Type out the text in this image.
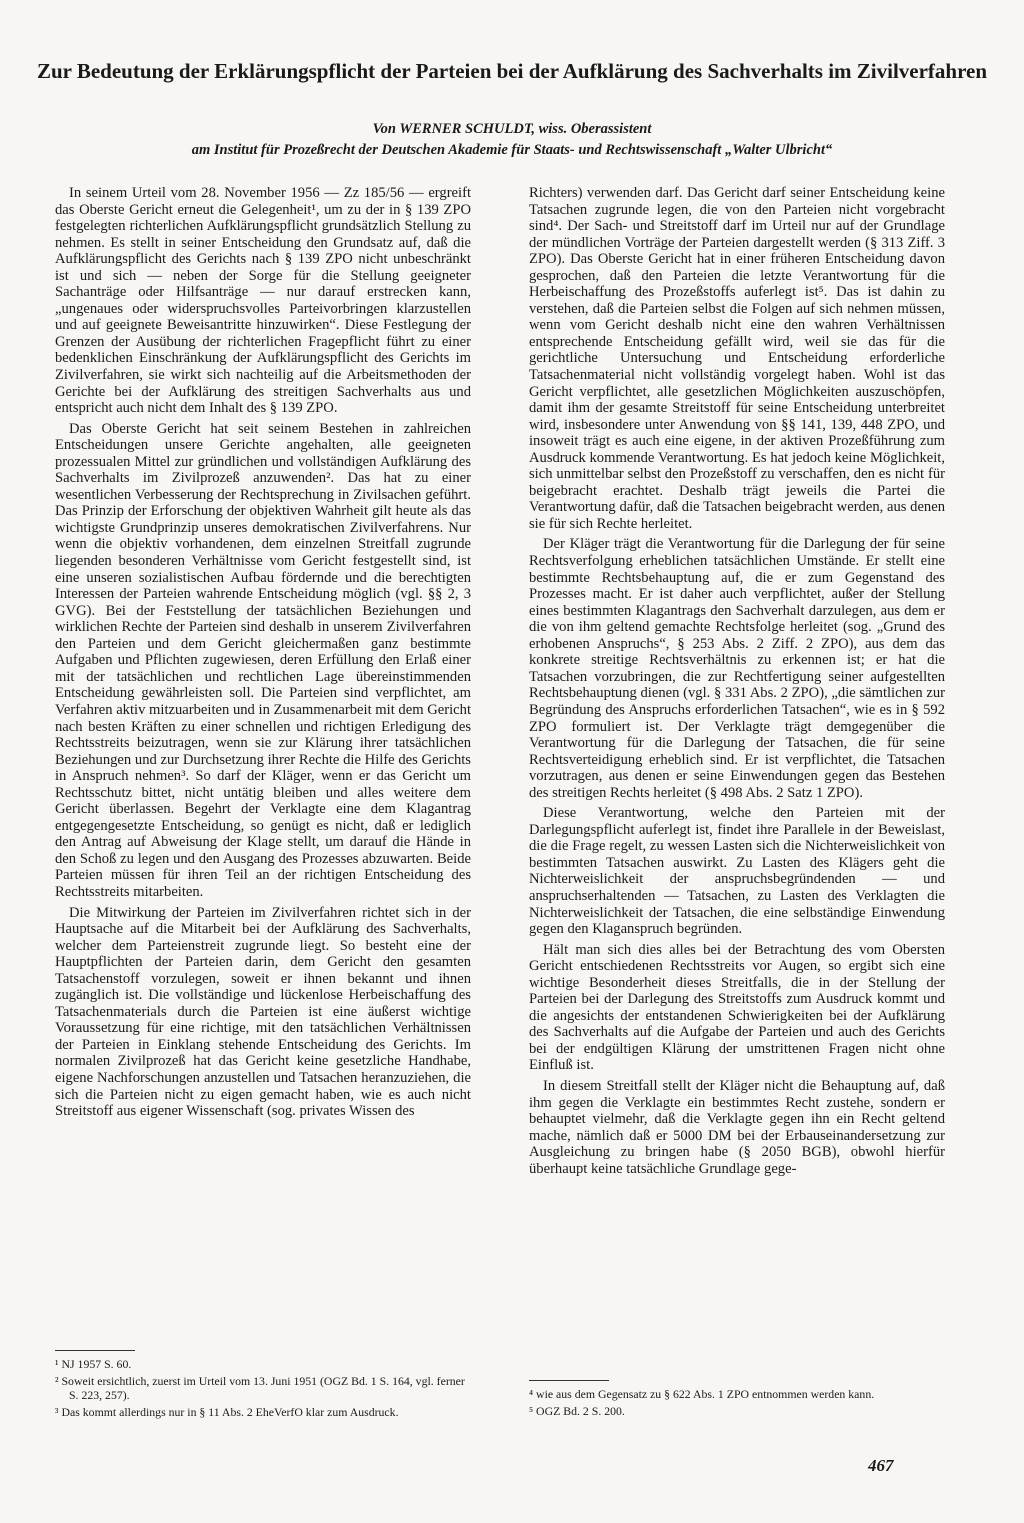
Zur Bedeutung der Erklärungspflicht der Parteien bei der Aufklärung des Sachverhalts im Zivilverfahren

Von WERNER SCHULDT, wiss. Oberassistent

am Institut für Prozeßrecht der Deutschen Akademie für Staats- und Rechtswissenschaft „Walter Ulbricht“

In seinem Urteil vom 28. November 1956 — Zz 185/56 — ergreift das Oberste Gericht erneut die Gelegenheit¹, um zu der in § 139 ZPO festgelegten richterlichen Aufklärungspflicht grundsätzlich Stellung zu nehmen. Es stellt in seiner Entscheidung den Grundsatz auf, daß die Aufklärungspflicht des Gerichts nach § 139 ZPO nicht unbeschränkt ist und sich — neben der Sorge für die Stellung geeigneter Sachanträge oder Hilfsanträge — nur darauf erstrecken kann, „ungenaues oder widerspruchsvolles Parteivorbringen klarzustellen und auf geeignete Beweisantritte hinzuwirken“. Diese Festlegung der Grenzen der Ausübung der richterlichen Fragepflicht führt zu einer bedenklichen Einschränkung der Aufklärungspflicht des Gerichts im Zivilverfahren, sie wirkt sich nachteilig auf die Arbeitsmethoden der Gerichte bei der Aufklärung des streitigen Sachverhalts aus und entspricht auch nicht dem Inhalt des § 139 ZPO.

Das Oberste Gericht hat seit seinem Bestehen in zahlreichen Entscheidungen unsere Gerichte angehalten, alle geeigneten prozessualen Mittel zur gründlichen und vollständigen Aufklärung des Sachverhalts im Zivilprozeß anzuwenden². Das hat zu einer wesentlichen Verbesserung der Rechtsprechung in Zivilsachen geführt. Das Prinzip der Erforschung der objektiven Wahrheit gilt heute als das wichtigste Grundprinzip unseres demokratischen Zivilverfahrens. Nur wenn die objektiv vorhandenen, dem einzelnen Streitfall zugrunde liegenden besonderen Verhältnisse vom Gericht festgestellt sind, ist eine unseren sozialistischen Aufbau fördernde und die berechtigten Interessen der Parteien wahrende Entscheidung möglich (vgl. §§ 2, 3 GVG). Bei der Feststellung der tatsächlichen Beziehungen und wirklichen Rechte der Parteien sind deshalb in unserem Zivilverfahren den Parteien und dem Gericht gleichermaßen ganz bestimmte Aufgaben und Pflichten zugewiesen, deren Erfüllung den Erlaß einer mit der tatsächlichen und rechtlichen Lage übereinstimmenden Entscheidung gewährleisten soll. Die Parteien sind verpflichtet, am Verfahren aktiv mitzuarbeiten und in Zusammenarbeit mit dem Gericht nach besten Kräften zu einer schnellen und richtigen Erledigung des Rechtsstreits beizutragen, wenn sie zur Klärung ihrer tatsächlichen Beziehungen und zur Durchsetzung ihrer Rechte die Hilfe des Gerichts in Anspruch nehmen³. So darf der Kläger, wenn er das Gericht um Rechtsschutz bittet, nicht untätig bleiben und alles weitere dem Gericht überlassen. Begehrt der Verklagte eine dem Klagantrag entgegengesetzte Entscheidung, so genügt es nicht, daß er lediglich den Antrag auf Abweisung der Klage stellt, um darauf die Hände in den Schoß zu legen und den Ausgang des Prozesses abzuwarten. Beide Parteien müssen für ihren Teil an der richtigen Entscheidung des Rechtsstreits mitarbeiten.

Die Mitwirkung der Parteien im Zivilverfahren richtet sich in der Hauptsache auf die Mitarbeit bei der Aufklärung des Sachverhalts, welcher dem Parteienstreit zugrunde liegt. So besteht eine der Hauptpflichten der Parteien darin, dem Gericht den gesamten Tatsachenstoff vorzulegen, soweit er ihnen bekannt und ihnen zugänglich ist. Die vollständige und lückenlose Herbeischaffung des Tatsachenmaterials durch die Parteien ist eine äußerst wichtige Voraussetzung für eine richtige, mit den tatsächlichen Verhältnissen der Parteien in Einklang stehende Entscheidung des Gerichts. Im normalen Zivilprozeß hat das Gericht keine gesetzliche Handhabe, eigene Nachforschungen anzustellen und Tatsachen heranzuziehen, die sich die Parteien nicht zu eigen gemacht haben, wie es auch nicht Streitstoff aus eigener Wissenschaft (sog. privates Wissen des

Richters) verwenden darf. Das Gericht darf seiner Entscheidung keine Tatsachen zugrunde legen, die von den Parteien nicht vorgebracht sind⁴. Der Sach- und Streitstoff darf im Urteil nur auf der Grundlage der mündlichen Vorträge der Parteien dargestellt werden (§ 313 Ziff. 3 ZPO). Das Oberste Gericht hat in einer früheren Entscheidung davon gesprochen, daß den Parteien die letzte Verantwortung für die Herbeischaffung des Prozeßstoffs auferlegt ist⁵. Das ist dahin zu verstehen, daß die Parteien selbst die Folgen auf sich nehmen müssen, wenn vom Gericht deshalb nicht eine den wahren Verhältnissen entsprechende Entscheidung gefällt wird, weil sie das für die gerichtliche Untersuchung und Entscheidung erforderliche Tatsachenmaterial nicht vollständig vorgelegt haben. Wohl ist das Gericht verpflichtet, alle gesetzlichen Möglichkeiten auszuschöpfen, damit ihm der gesamte Streitstoff für seine Entscheidung unterbreitet wird, insbesondere unter Anwendung von §§ 141, 139, 448 ZPO, und insoweit trägt es auch eine eigene, in der aktiven Prozeßführung zum Ausdruck kommende Verantwortung. Es hat jedoch keine Möglichkeit, sich unmittelbar selbst den Prozeßstoff zu verschaffen, den es nicht für beigebracht erachtet. Deshalb trägt jeweils die Partei die Verantwortung dafür, daß die Tatsachen beigebracht werden, aus denen sie für sich Rechte herleitet.

Der Kläger trägt die Verantwortung für die Darlegung der für seine Rechtsverfolgung erheblichen tatsächlichen Umstände. Er stellt eine bestimmte Rechtsbehauptung auf, die er zum Gegenstand des Prozesses macht. Er ist daher auch verpflichtet, außer der Stellung eines bestimmten Klagantrags den Sachverhalt darzulegen, aus dem er die von ihm geltend gemachte Rechtsfolge herleitet (sog. „Grund des erhobenen Anspruchs“, § 253 Abs. 2 Ziff. 2 ZPO), aus dem das konkrete streitige Rechtsverhältnis zu erkennen ist; er hat die Tatsachen vorzubringen, die zur Rechtfertigung seiner aufgestellten Rechtsbehauptung dienen (vgl. § 331 Abs. 2 ZPO), „die sämtlichen zur Begründung des Anspruchs erforderlichen Tatsachen“, wie es in § 592 ZPO formuliert ist. Der Verklagte trägt demgegenüber die Verantwortung für die Darlegung der Tatsachen, die für seine Rechtsverteidigung erheblich sind. Er ist verpflichtet, die Tatsachen vorzutragen, aus denen er seine Einwendungen gegen das Bestehen des streitigen Rechts herleitet (§ 498 Abs. 2 Satz 1 ZPO).

Diese Verantwortung, welche den Parteien mit der Darlegungspflicht auferlegt ist, findet ihre Parallele in der Beweislast, die die Frage regelt, zu wessen Lasten sich die Nichterweislichkeit von bestimmten Tatsachen auswirkt. Zu Lasten des Klägers geht die Nichterweislichkeit der anspruchsbegründenden — und anspruchserhaltenden — Tatsachen, zu Lasten des Verklagten die Nichterweislichkeit der Tatsachen, die eine selbständige Einwendung gegen den Klaganspruch begründen.

Hält man sich dies alles bei der Betrachtung des vom Obersten Gericht entschiedenen Rechtsstreits vor Augen, so ergibt sich eine wichtige Besonderheit dieses Streitfalls, die in der Stellung der Parteien bei der Darlegung des Streitstoffs zum Ausdruck kommt und die angesichts der entstandenen Schwierigkeiten bei der Aufklärung des Sachverhalts auf die Aufgabe der Parteien und auch des Gerichts bei der endgültigen Klärung der umstrittenen Fragen nicht ohne Einfluß ist.

In diesem Streitfall stellt der Kläger nicht die Behauptung auf, daß ihm gegen die Verklagte ein bestimmtes Recht zustehe, sondern er behauptet vielmehr, daß die Verklagte gegen ihn ein Recht geltend mache, nämlich daß er 5000 DM bei der Erbauseinandersetzung zur Ausgleichung zu bringen habe (§ 2050 BGB), obwohl hierfür überhaupt keine tatsächliche Grundlage gege-

¹ NJ 1957 S. 60.

² Soweit ersichtlich, zuerst im Urteil vom 13. Juni 1951 (OGZ Bd. 1 S. 164, vgl. ferner S. 223, 257).

³ Das kommt allerdings nur in § 11 Abs. 2 EheVerfO klar zum Ausdruck.

⁴ wie aus dem Gegensatz zu § 622 Abs. 1 ZPO entnommen werden kann.

⁵ OGZ Bd. 2 S. 200.

467
